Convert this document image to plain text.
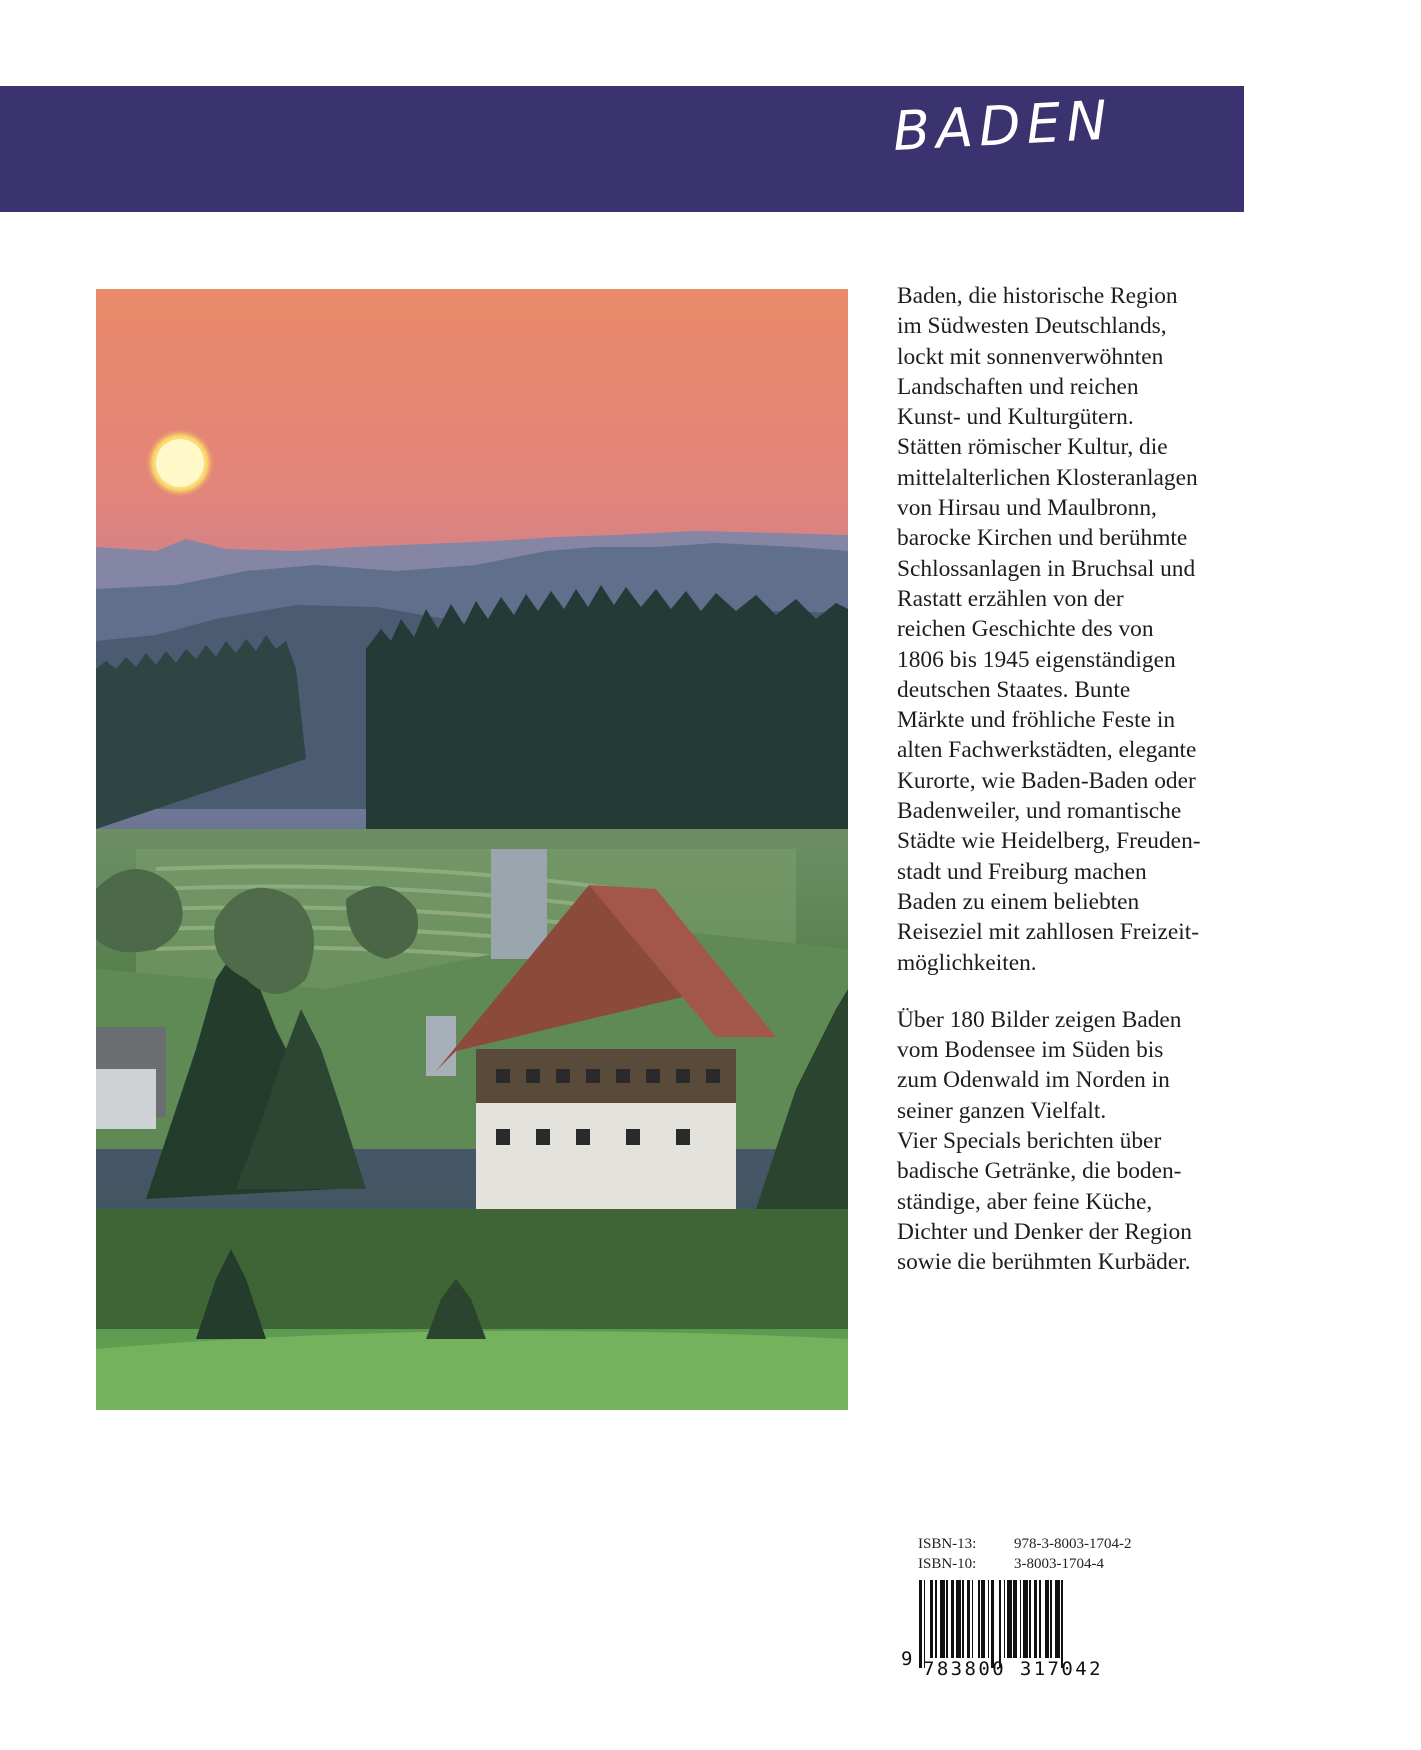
BADEN

Baden, die historische Region
im Südwesten Deutschlands,
lockt mit sonnenverwöhnten
Landschaften und reichen
Kunst- und Kulturgütern.
Stätten römischer Kultur, die
mittelalterlichen Klosteranlagen
von Hirsau und Maulbronn,
barocke Kirchen und berühmte
Schlossanlagen in Bruchsal und
Rastatt erzählen von der
reichen Geschichte des von
1806 bis 1945 eigenständigen
deutschen Staates. Bunte
Märkte und fröhliche Feste in
alten Fachwerkstädten, elegante
Kurorte, wie Baden-Baden oder
Badenweiler, und romantische
Städte wie Heidelberg, Freuden-
stadt und Freiburg machen
Baden zu einem beliebten
Reiseziel mit zahllosen Freizeit-
möglichkeiten.

Über 180 Bilder zeigen Baden
vom Bodensee im Süden bis
zum Odenwald im Norden in
seiner ganzen Vielfalt.
Vier Specials berichten über
badische Getränke, die boden-
ständige, aber feine Küche,
Dichter und Denker der Region
sowie die berühmten Kurbäder.

ISBN-13:	978-3-8003-1704-2
ISBN-10:	3-8003-1704-4
9 783800 317042
